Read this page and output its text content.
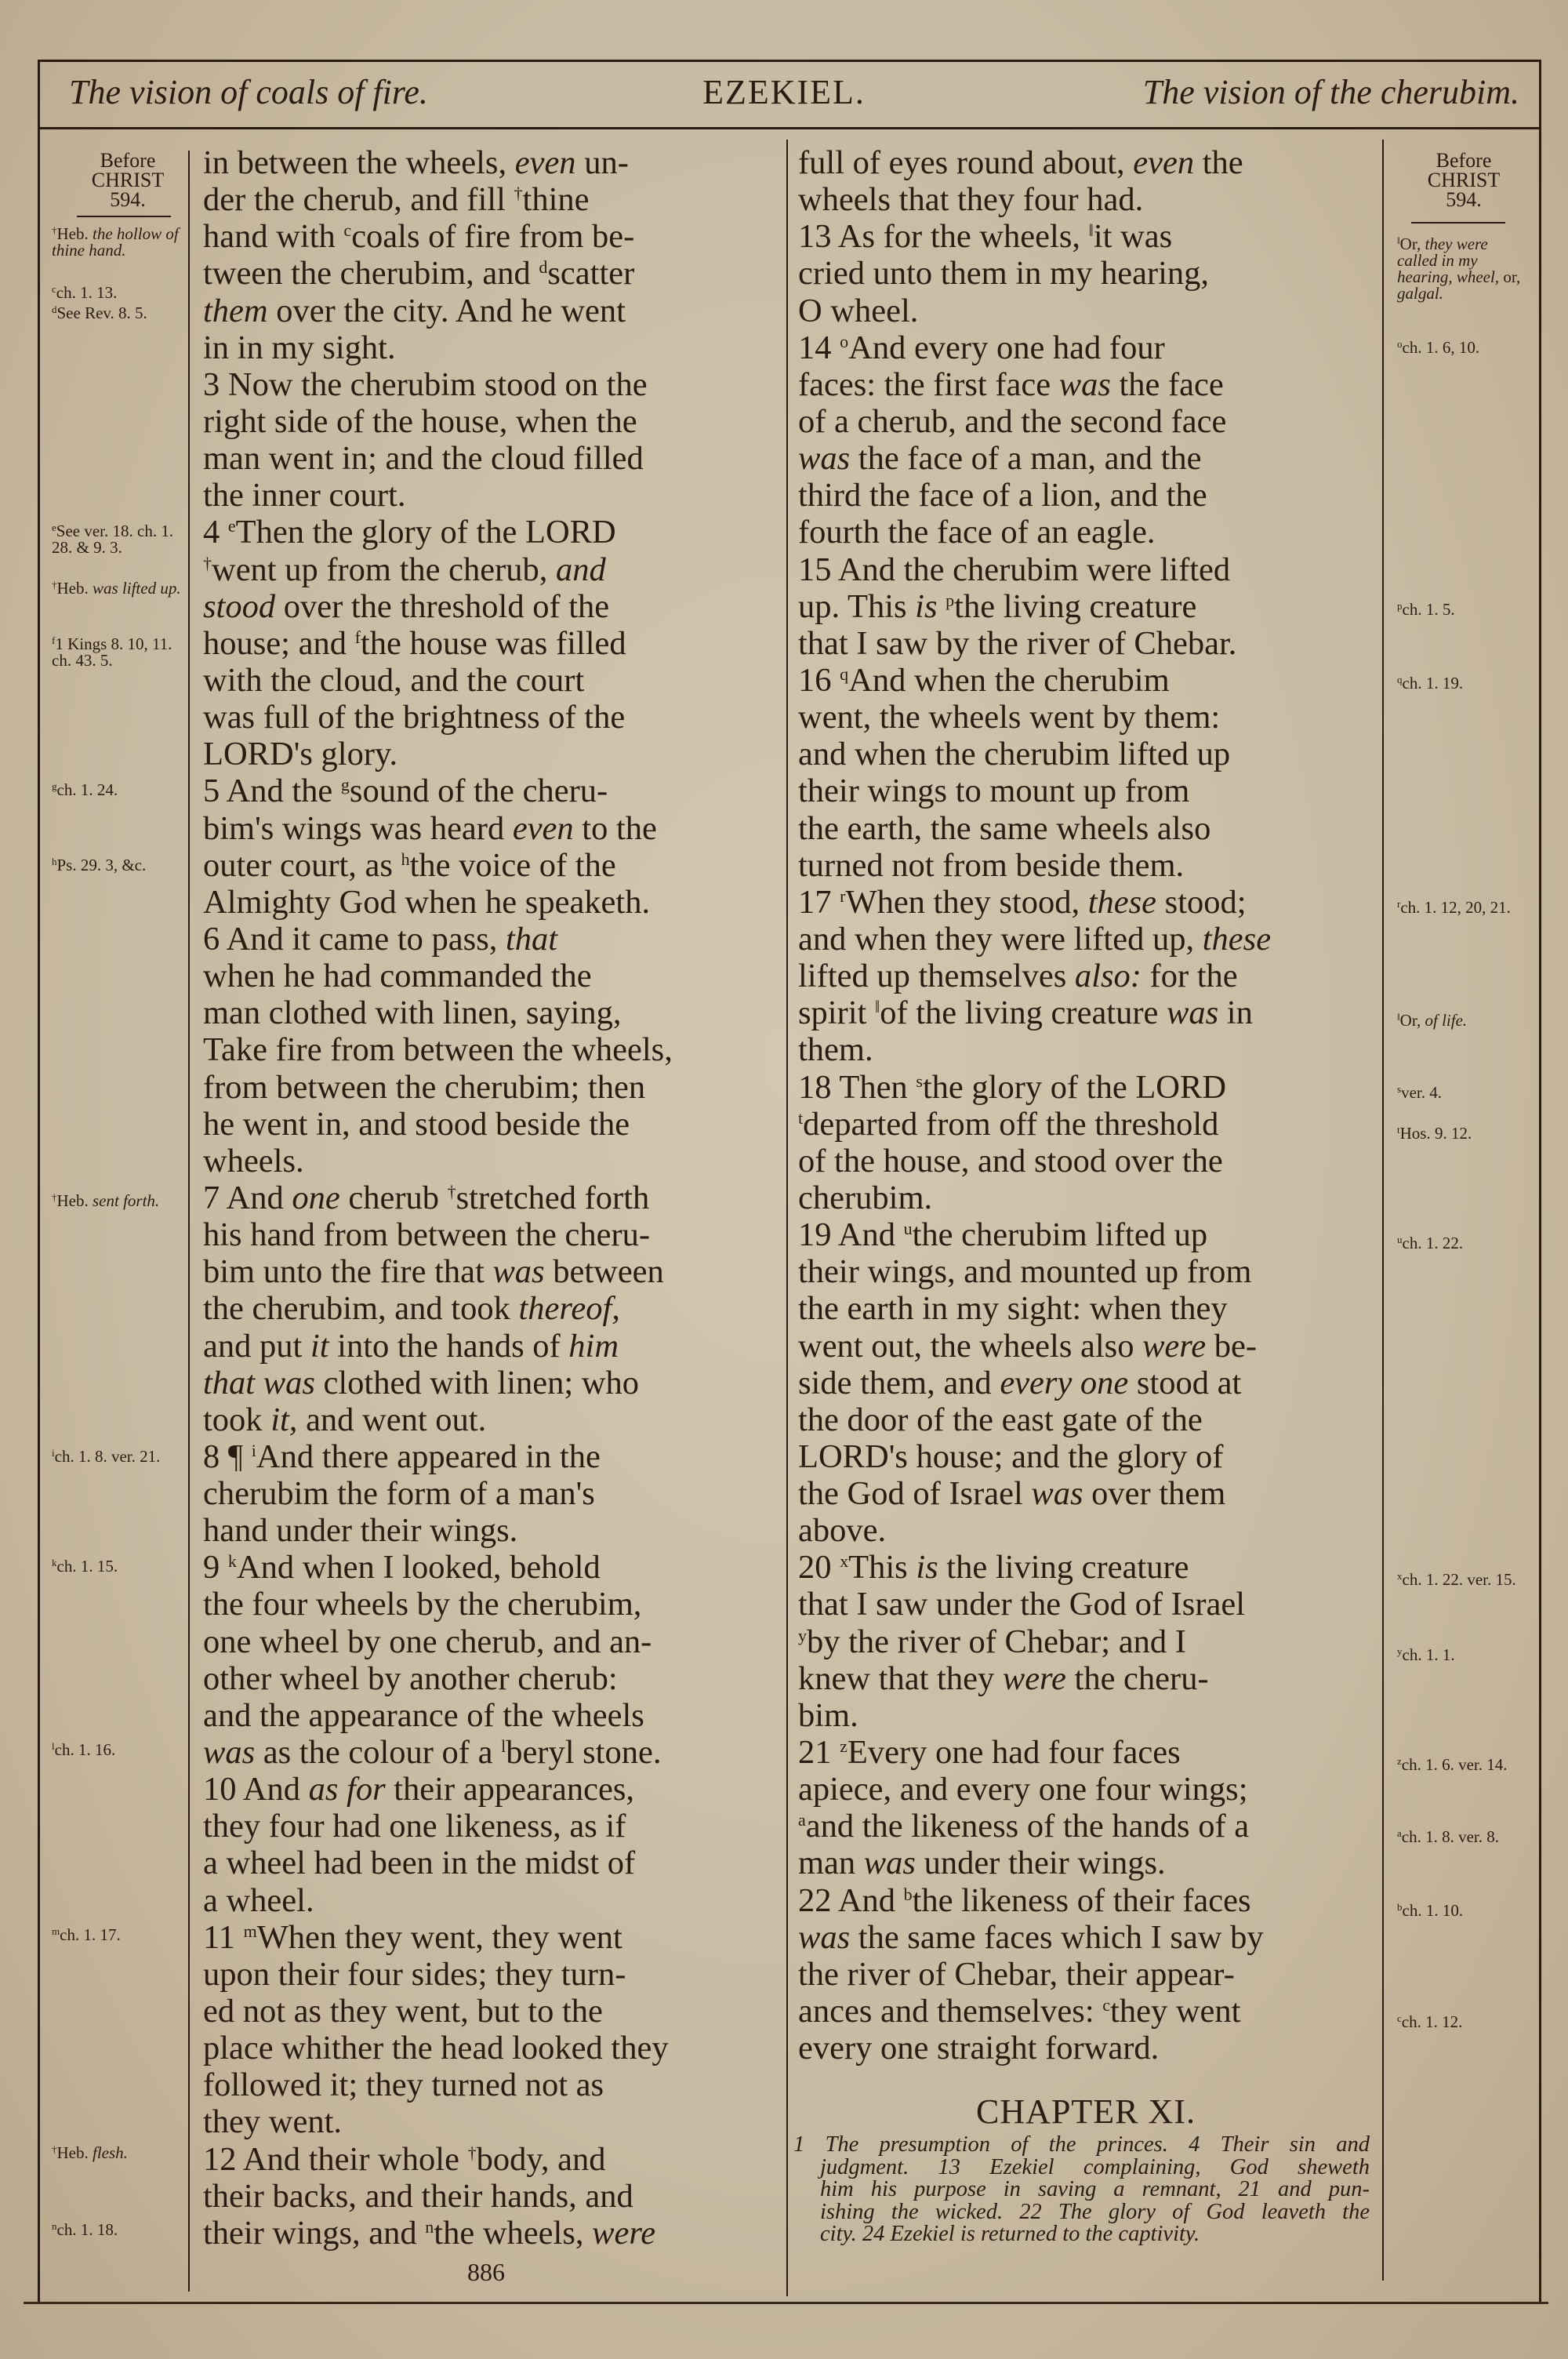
The vision of coals of fire.	EZEKIEL.	The vision of the cherubim.
Before
CHRIST
594.
Before
CHRIST
594.
in between the wheels, even un-
der the cherub, and fill †thine
hand with $^c$coals of fire from be-
tween the cherubim, and $^d$scatter
them over the city. And he went
in in my sight.
3 Now the cherubim stood on the
right side of the house, when the
man went in; and the cloud filled
the inner court.
4 $^e$Then the glory of the LORD
†went up from the cherub, and
stood over the threshold of the
house; and $^f$the house was filled
with the cloud, and the court
was full of the brightness of the
LORD's glory.
5 And the $^g$sound of the cheru-
bim's wings was heard even to the
outer court, as $^h$the voice of the
Almighty God when he speaketh.
6 And it came to pass, that
when he had commanded the
man clothed with linen, saying,
Take fire from between the wheels,
from between the cherubim; then
he went in, and stood beside the
wheels.
7 And one cherub †stretched forth
his hand from between the cheru-
bim unto the fire that was between
the cherubim, and took thereof,
and put it into the hands of him
that was clothed with linen; who
took it, and went out.
8 ¶ $^i$And there appeared in the
cherubim the form of a man's
hand under their wings.
9 $^k$And when I looked, behold
the four wheels by the cherubim,
one wheel by one cherub, and an-
other wheel by another cherub:
and the appearance of the wheels
was as the colour of a $^l$beryl stone.
10 And as for their appearances,
they four had one likeness, as if
a wheel had been in the midst of
a wheel.
11 $^m$When they went, they went
upon their four sides; they turn-
ed not as they went, but to the
place whither the head looked they
followed it; they turned not as
they went.
12 And their whole †body, and
their backs, and their hands, and
their wings, and $^n$the wheels, were
full of eyes round about, even the
wheels that they four had.
13 As for the wheels, ‖it was
cried unto them in my hearing,
O wheel.
14 $^o$And every one had four
faces: the first face was the face
of a cherub, and the second face
was the face of a man, and the
third the face of a lion, and the
fourth the face of an eagle.
15 And the cherubim were lifted
up. This is $^p$the living creature
that I saw by the river of Chebar.
16 $^q$And when the cherubim
went, the wheels went by them:
and when the cherubim lifted up
their wings to mount up from
the earth, the same wheels also
turned not from beside them.
17 $^r$When they stood, these stood;
and when they were lifted up, these
lifted up themselves also: for the
spirit ‖of the living creature was in
them.
18 Then $^s$the glory of the LORD
$^t$departed from off the threshold
of the house, and stood over the
cherubim.
19 And $^u$the cherubim lifted up
their wings, and mounted up from
the earth in my sight: when they
went out, the wheels also were be-
side them, and every one stood at
the door of the east gate of the
LORD's house; and the glory of
the God of Israel was over them
above.
20 $^x$This is the living creature
that I saw under the God of Israel
$^y$by the river of Chebar; and I
knew that they were the cheru-
bim.
21 $^z$Every one had four faces
apiece, and every one four wings;
$^a$and the likeness of the hands of a
man was under their wings.
22 And $^b$the likeness of their faces
was the same faces which I saw by
the river of Chebar, their appear-
ances and themselves: $^c$they went
every one straight forward.
†Heb. the hollow of thine hand.
$^c$ch. 1. 13.
$^d$See Rev. 8. 5.
$^e$See ver. 18. ch. 1. 28. & 9. 3.
†Heb. was lifted up.
$^f$1 Kings 8. 10, 11. ch. 43. 5.
$^g$ch. 1. 24.
$^h$Ps. 29. 3, &c.
†Heb. sent forth.
$^i$ch. 1. 8. ver. 21.
$^k$ch. 1. 15.
$^l$ch. 1. 16.
$^m$ch. 1. 17.
†Heb. flesh.
$^n$ch. 1. 18.
‖Or, they were called in my hearing, wheel, or, galgal.
$^o$ch. 1. 6, 10.
$^p$ch. 1. 5.
$^q$ch. 1. 19.
$^r$ch. 1. 12, 20, 21.
‖Or, of life.
$^s$ver. 4.
$^t$Hos. 9. 12.
$^u$ch. 1. 22.
$^x$ch. 1. 22. ver. 15.
$^y$ch. 1. 1.
$^z$ch. 1. 6. ver. 14.
$^a$ch. 1. 8. ver. 8.
$^b$ch. 1. 10.
$^c$ch. 1. 12.
CHAPTER XI.
1 The presumption of the princes. 4 Their sin and
judgment. 13 Ezekiel complaining, God sheweth
him his purpose in saving a remnant, 21 and pun-
ishing the wicked. 22 The glory of God leaveth the
city. 24 Ezekiel is returned to the captivity.
886
